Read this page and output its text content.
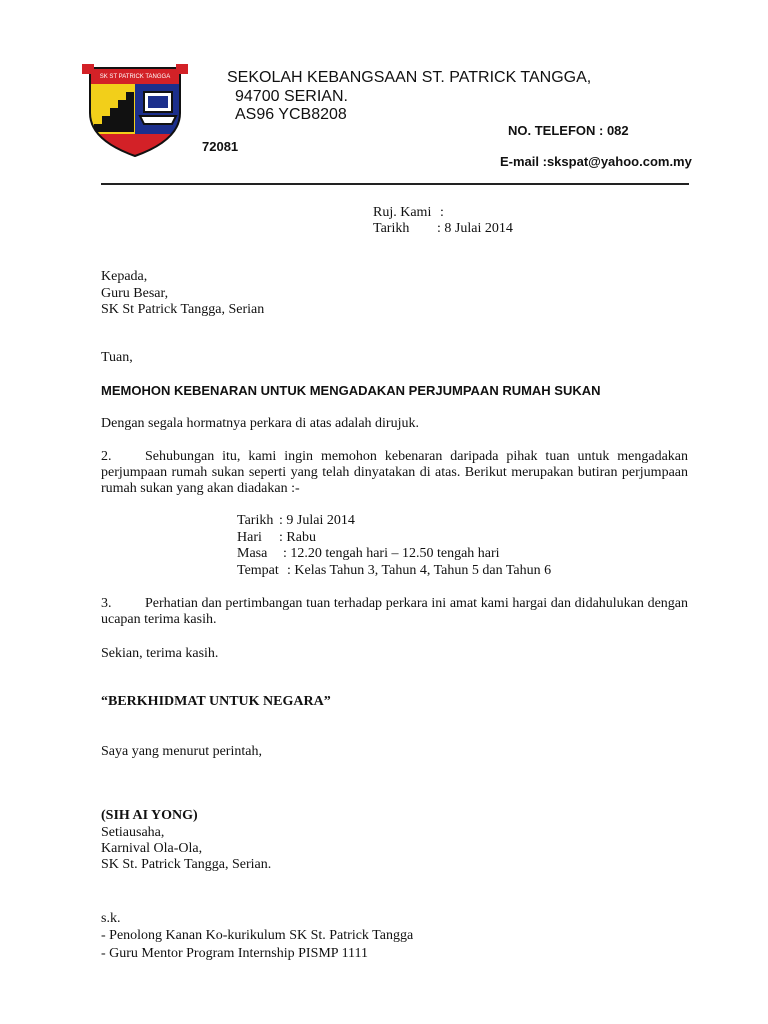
SK ST PATRICK TANGGA	SEKOLAH KEBANGSAAN ST. PATRICK TANGGA,
94700 SERIAN.
AS96 YCB8208
NO. TELEFON : 082
72081
E-mail :skspat@yahoo.com.my
Ruj. Kami :
Tarikh : 8 Julai 2014
Kepada,
Guru Besar,
SK St Patrick Tangga, Serian
Tuan,
MEMOHON KEBENARAN UNTUK MENGADAKAN PERJUMPAAN RUMAH SUKAN
Dengan segala hormatnya perkara di atas adalah dirujuk.
2. Sehubungan itu, kami ingin memohon kebenaran daripada pihak tuan untuk mengadakan perjumpaan rumah sukan seperti yang telah dinyatakan di atas. Berikut merupakan butiran perjumpaan rumah sukan yang akan diadakan :-
Tarikh : 9 Julai 2014
Hari : Rabu
Masa : 12.20 tengah hari – 12.50 tengah hari
Tempat : Kelas Tahun 3, Tahun 4, Tahun 5 dan Tahun 6
3. Perhatian dan pertimbangan tuan terhadap perkara ini amat kami hargai dan didahulukan dengan ucapan terima kasih.
Sekian, terima kasih.
“BERKHIDMAT UNTUK NEGARA”
Saya yang menurut perintah,
(SIH AI YONG)
Setiausaha,
Karnival Ola-Ola,
SK St. Patrick Tangga, Serian.
s.k.
- Penolong Kanan Ko-kurikulum SK St. Patrick Tangga
- Guru Mentor Program Internship PISMP 1111
